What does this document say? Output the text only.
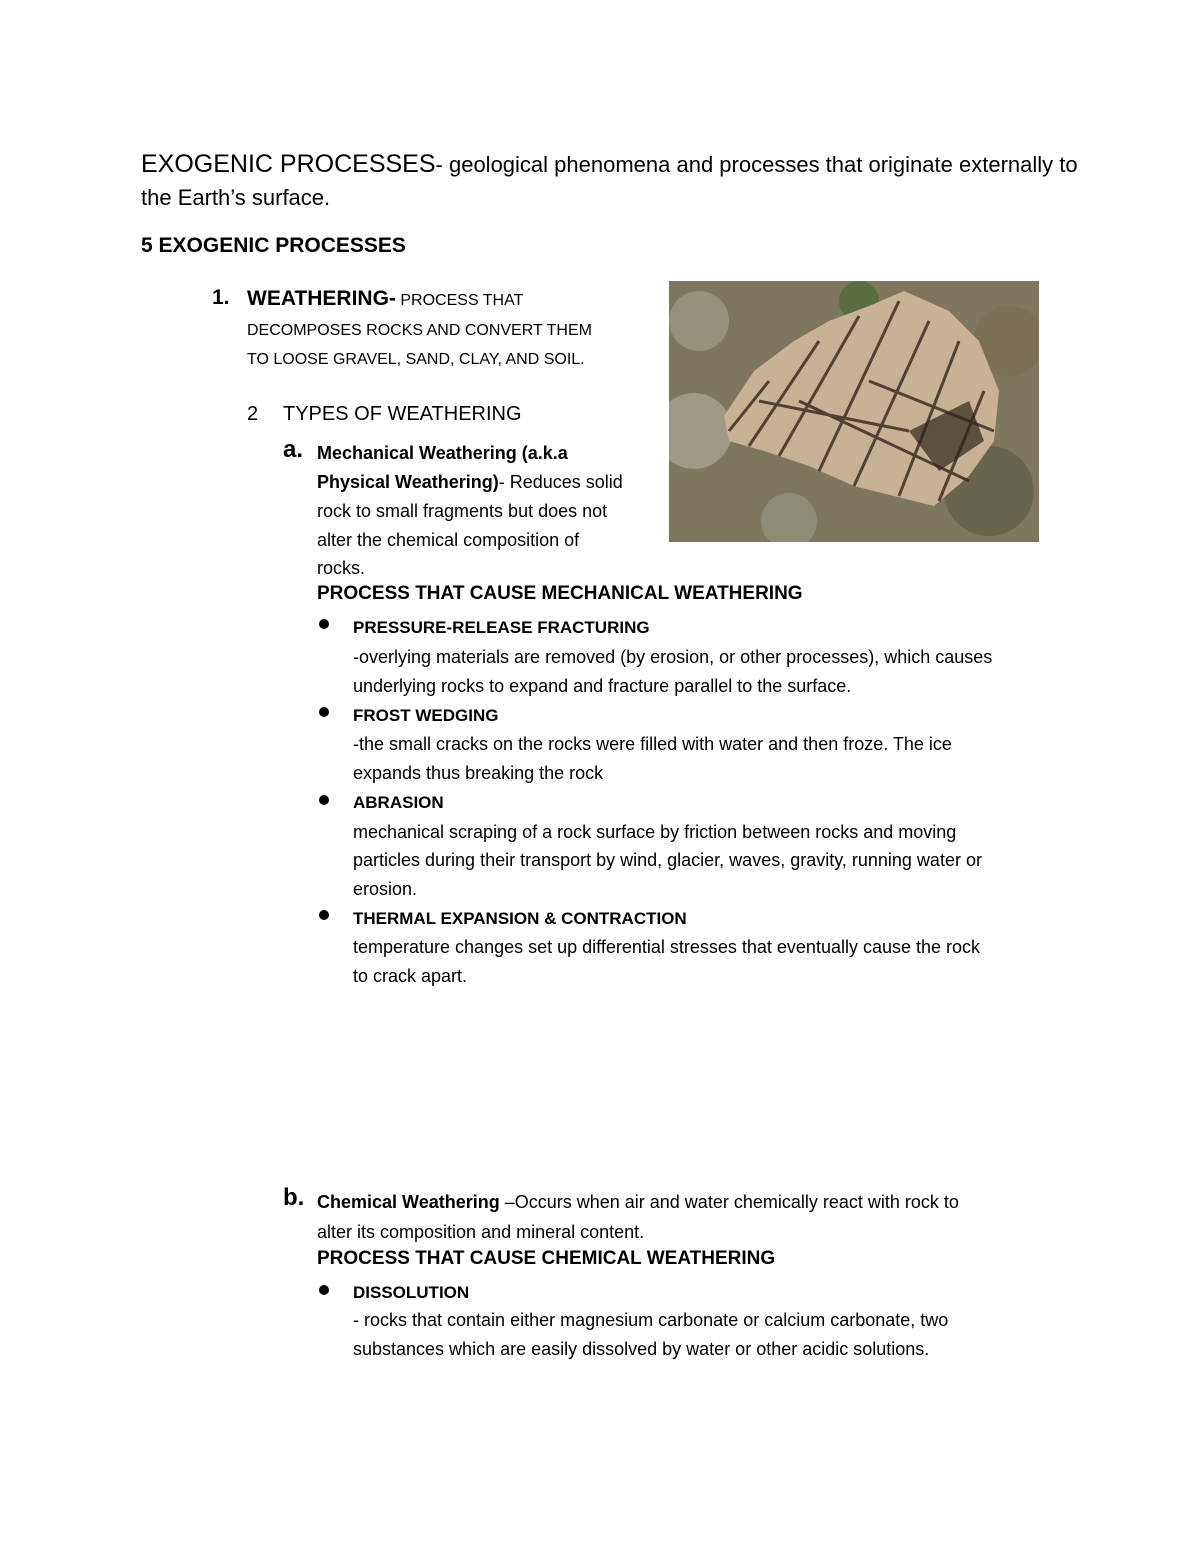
EXOGENIC PROCESSES- geological phenomena and processes that originate externally to
the Earth’s surface.
5 EXOGENIC PROCESSES
1. WEATHERING- PROCESS THAT
DECOMPOSES ROCKS AND CONVERT THEM
TO LOOSE GRAVEL, SAND, CLAY, AND SOIL.
2 TYPES OF WEATHERING
a. Mechanical Weathering (a.k.a
Physical Weathering)- Reduces solid
rock to small fragments but does not
alter the chemical composition of
rocks.
PROCESS THAT CAUSE MECHANICAL WEATHERING
PRESSURE-RELEASE FRACTURING
-overlying materials are removed (by erosion, or other processes), which causes
underlying rocks to expand and fracture parallel to the surface.
FROST WEDGING
-the small cracks on the rocks were filled with water and then froze. The ice
expands thus breaking the rock
ABRASION
mechanical scraping of a rock surface by friction between rocks and moving
particles during their transport by wind, glacier, waves, gravity, running water or
erosion.
THERMAL EXPANSION & CONTRACTION
temperature changes set up differential stresses that eventually cause the rock
to crack apart.
b. Chemical Weathering –Occurs when air and water chemically react with rock to
alter its composition and mineral content.
PROCESS THAT CAUSE CHEMICAL WEATHERING
DISSOLUTION
- rocks that contain either magnesium carbonate or calcium carbonate, two
substances which are easily dissolved by water or other acidic solutions.
